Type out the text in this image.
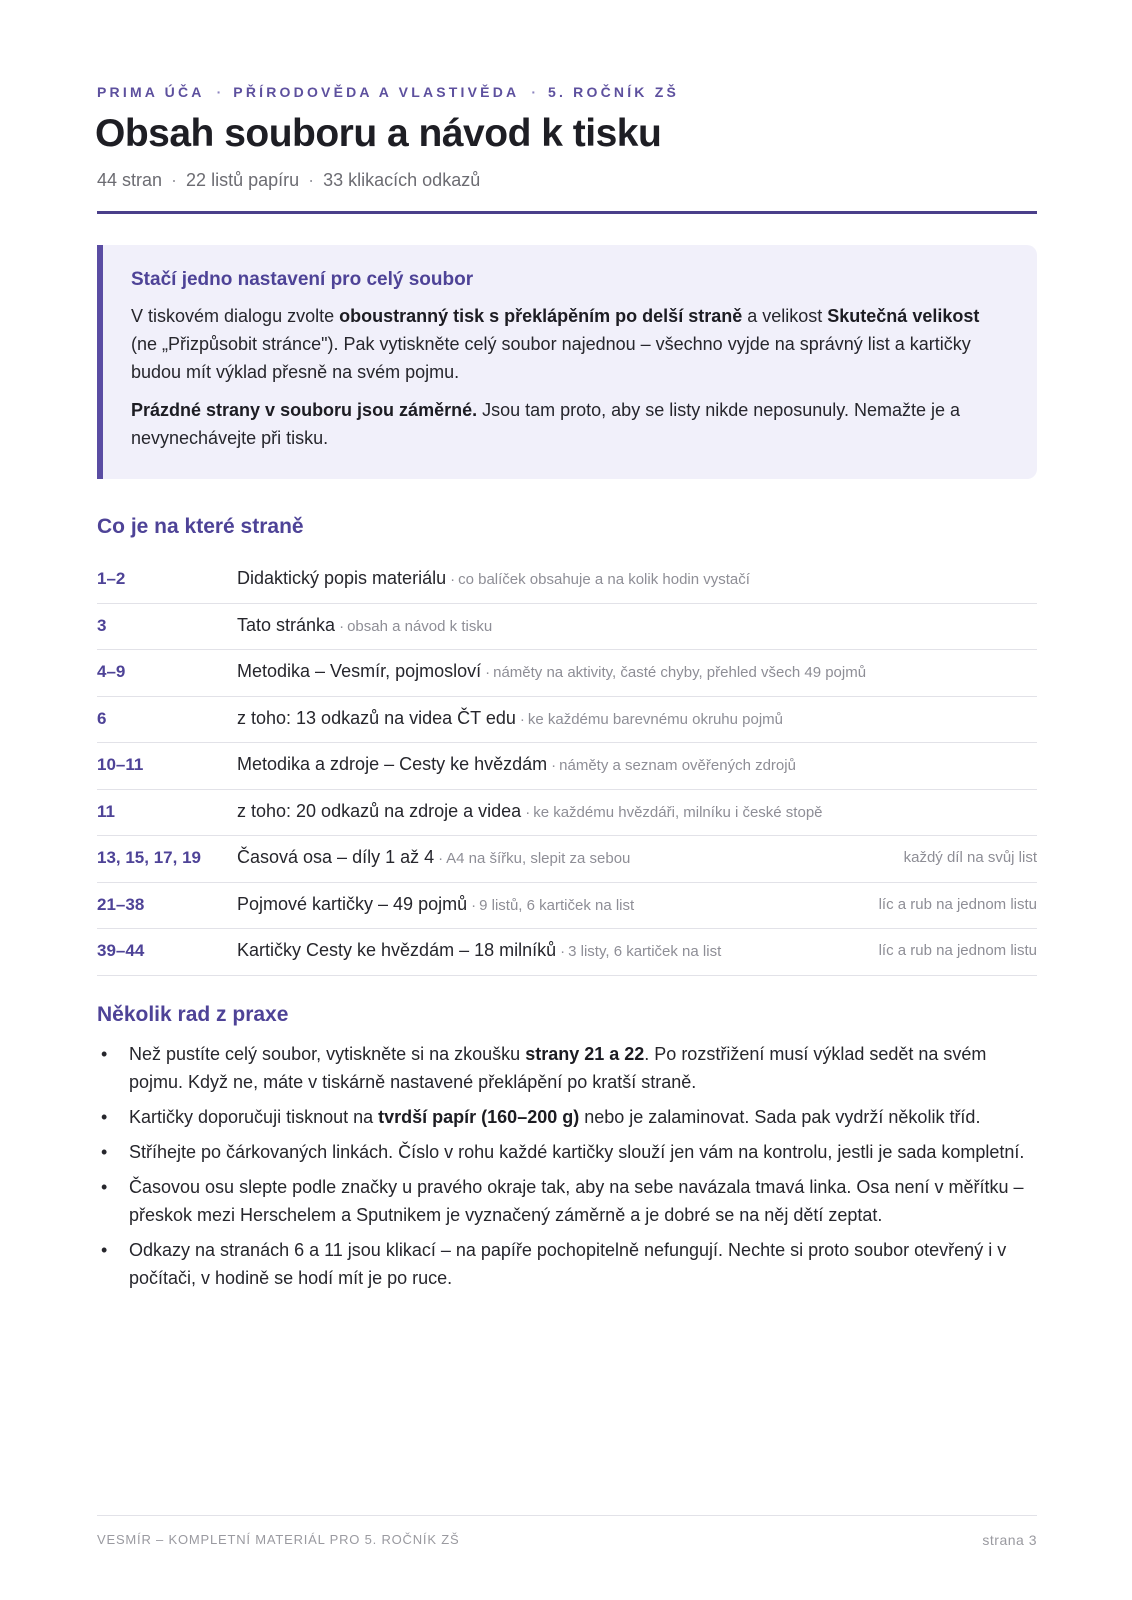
PRIMA ÚČA · PŘÍRODOVĚDA A VLASTIVĚDA · 5. ROČNÍK ZŠ
Obsah souboru a návod k tisku
44 stran · 22 listů papíru · 33 klikacích odkazů
Stačí jedno nastavení pro celý soubor

V tiskovém dialogu zvolte oboustranný tisk s překlápěním po delší straně a velikost Skutečná velikost (ne „Přizpůsobit stránce"). Pak vytiskněte celý soubor najednou – všechno vyjde na správný list a kartičky budou mít výklad přesně na svém pojmu.

Prázdné strany v souboru jsou záměrné. Jsou tam proto, aby se listy nikde neposunuly. Nemažte je a nevynechávejte při tisku.

Co je na které straně
1–2	Didaktický popis materiálu · co balíček obsahuje a na kolik hodin vystačí
3	Tato stránka · obsah a návod k tisku
4–9	Metodika – Vesmír, pojmosloví · náměty na aktivity, časté chyby, přehled všech 49 pojmů
6	z toho: 13 odkazů na videa ČT edu · ke každému barevnému okruhu pojmů
10–11	Metodika a zdroje – Cesty ke hvězdám · náměty a seznam ověřených zdrojů
11	z toho: 20 odkazů na zdroje a videa · ke každému hvězdáři, milníku i české stopě
13, 15, 17, 19 Časová osa – díly 1 až 4 · A4 na šířku, slepit za sebou	každý díl na svůj list
21–38	Pojmové kartičky – 49 pojmů · 9 listů, 6 kartiček na list	líc a rub na jednom listu
39–44	Kartičky Cesty ke hvězdám – 18 milníků · 3 listy, 6 kartiček na list	líc a rub na jednom listu
Několik rad z praxe
• Než pustíte celý soubor, vytiskněte si na zkoušku strany 21 a 22. Po rozstřižení musí výklad sedět na svém pojmu. Když ne, máte v tiskárně nastavené překlápění po kratší straně.
• Kartičky doporučuji tisknout na tvrdší papír (160–200 g) nebo je zalaminovat. Sada pak vydrží několik tříd.
• Stříhejte po čárkovaných linkách. Číslo v rohu každé kartičky slouží jen vám na kontrolu, jestli je sada kompletní.
• Časovou osu slepte podle značky u pravého okraje tak, aby na sebe navázala tmavá linka. Osa není v měřítku – přeskok mezi Herschelem a Sputnikem je vyznačený záměrně a je dobré se na něj dětí zeptat.
• Odkazy na stranách 6 a 11 jsou klikací – na papíře pochopitelně nefungují. Nechte si proto soubor otevřený i v počítači, v hodině se hodí mít je po ruce.
VESMÍR – KOMPLETNÍ MATERIÁL PRO 5. ROČNÍK ZŠ	strana 3
